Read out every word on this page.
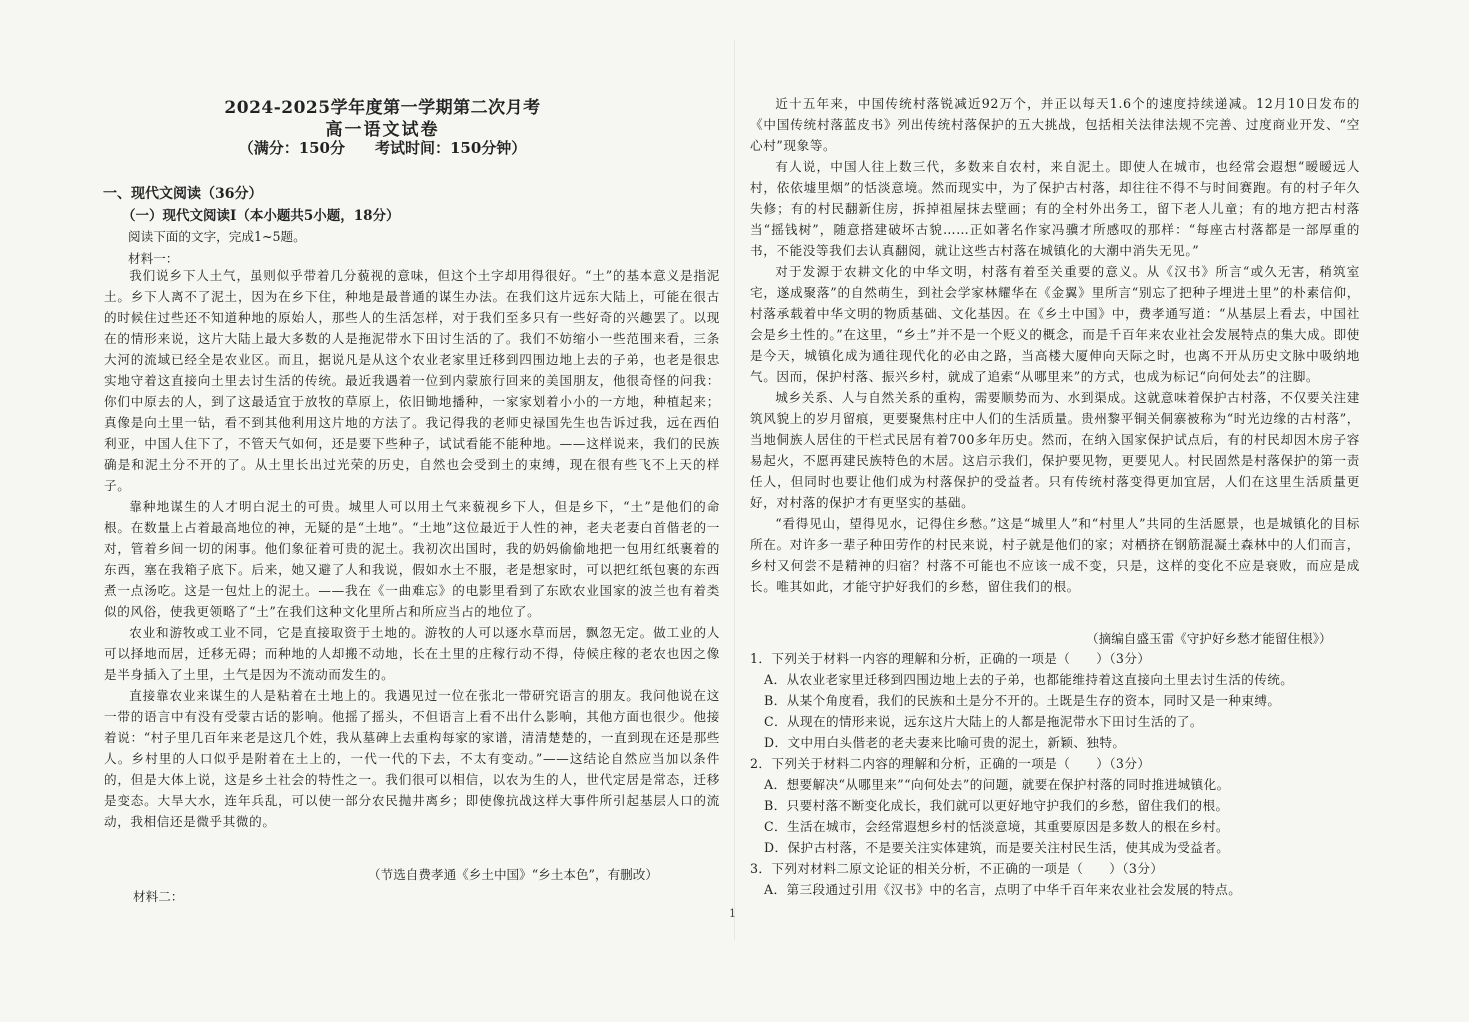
2024-2025学年度第一学期第二次月考
高一语文试卷
（满分：150分　　考试时间：150分钟）
一、现代文阅读（36分）
（一）现代文阅读Ⅰ（本小题共5小题，18分）
阅读下面的文字，完成1~5题。
材料一：

我们说乡下人土气，虽则似乎带着几分藐视的意味，但这个土字却用得很好。“土”的基本意义是指泥土。乡下人离不了泥土，因为在乡下住，种地是最普通的谋生办法。在我们这片远东大陆上，可能在很古的时候住过些还不知道种地的原始人，那些人的生活怎样，对于我们至多只有一些好奇的兴趣罢了。以现在的情形来说，这片大陆上最大多数的人是拖泥带水下田讨生活的了。我们不妨缩小一些范围来看，三条大河的流域已经全是农业区。而且，据说凡是从这个农业老家里迁移到四围边地上去的子弟，也老是很忠实地守着这直接向土里去讨生活的传统。最近我遇着一位到内蒙旅行回来的美国朋友，他很奇怪的问我：你们中原去的人，到了这最适宜于放牧的草原上，依旧锄地播种，一家家划着小小的一方地，种植起来；真像是向土里一钻，看不到其他利用这片地的方法了。我记得我的老师史禄国先生也告诉过我，远在西伯利亚，中国人住下了，不管天气如何，还是要下些种子，试试看能不能种地。——这样说来，我们的民族确是和泥土分不开的了。从土里长出过光荣的历史，自然也会受到土的束缚，现在很有些飞不上天的样子。

靠种地谋生的人才明白泥土的可贵。城里人可以用土气来藐视乡下人，但是乡下，“土”是他们的命根。在数量上占着最高地位的神，无疑的是“土地”。“土地”这位最近于人性的神，老夫老妻白首偕老的一对，管着乡间一切的闲事。他们象征着可贵的泥土。我初次出国时，我的奶妈偷偷地把一包用红纸裹着的东西，塞在我箱子底下。后来，她又避了人和我说，假如水土不服，老是想家时，可以把红纸包裹的东西煮一点汤吃。这是一包灶上的泥土。——我在《一曲难忘》的电影里看到了东欧农业国家的波兰也有着类似的风俗，使我更领略了“土”在我们这种文化里所占和所应当占的地位了。

农业和游牧或工业不同，它是直接取资于土地的。游牧的人可以逐水草而居，飘忽无定。做工业的人可以择地而居，迁移无碍；而种地的人却搬不动地，长在土里的庄稼行动不得，侍候庄稼的老农也因之像是半身插入了土里，土气是因为不流动而发生的。

直接靠农业来谋生的人是粘着在土地上的。我遇见过一位在张北一带研究语言的朋友。我问他说在这一带的语言中有没有受蒙古话的影响。他摇了摇头，不但语言上看不出什么影响，其他方面也很少。他接着说：“村子里几百年来老是这几个姓，我从墓碑上去重构每家的家谱，清清楚楚的，一直到现在还是那些人。乡村里的人口似乎是附着在土上的，一代一代的下去，不太有变动。”——这结论自然应当加以条件的，但是大体上说，这是乡土社会的特性之一。我们很可以相信，以农为生的人，世代定居是常态，迁移是变态。大旱大水，连年兵乱，可以使一部分农民抛井离乡；即使像抗战这样大事件所引起基层人口的流动，我相信还是微乎其微的。

（节选自费孝通《乡土中国》“乡土本色”，有删改）
材料二：

近十五年来，中国传统村落锐减近92万个，并正以每天1.6个的速度持续递减。12月10日发布的《中国传统村落蓝皮书》列出传统村落保护的五大挑战，包括相关法律法规不完善、过度商业开发、“空心村”现象等。

有人说，中国人往上数三代，多数来自农村，来自泥土。即使人在城市，也经常会遐想“暧暧远人村，依依墟里烟”的恬淡意境。然而现实中，为了保护古村落，却往往不得不与时间赛跑。有的村子年久失修；有的村民翻新住房，拆掉祖屋抹去壁画；有的全村外出务工，留下老人儿童；有的地方把古村落当“摇钱树”，随意搭建破坏古貌……正如著名作家冯骥才所感叹的那样：“每座古村落都是一部厚重的书，不能没等我们去认真翻阅，就让这些古村落在城镇化的大潮中消失无见。”

对于发源于农耕文化的中华文明，村落有着至关重要的意义。从《汉书》所言“或久无害，稍筑室宅，遂成聚落”的自然萌生，到社会学家林耀华在《金翼》里所言“别忘了把种子埋进土里”的朴素信仰，村落承载着中华文明的物质基础、文化基因。在《乡土中国》中，费孝通写道：“从基层上看去，中国社会是乡土性的。”在这里，“乡土”并不是一个贬义的概念，而是千百年来农业社会发展特点的集大成。即使是今天，城镇化成为通往现代化的必由之路，当高楼大厦伸向天际之时，也离不开从历史文脉中吸纳地气。因而，保护村落、振兴乡村，就成了追索“从哪里来”的方式，也成为标记“向何处去”的注脚。

城乡关系、人与自然关系的重构，需要顺势而为、水到渠成。这就意味着保护古村落，不仅要关注建筑风貌上的岁月留痕，更要聚焦村庄中人们的生活质量。贵州黎平铜关侗寨被称为“时光边缘的古村落”，当地侗族人居住的干栏式民居有着700多年历史。然而，在纳入国家保护试点后，有的村民却因木房子容易起火，不愿再建民族特色的木居。这启示我们，保护要见物，更要见人。村民固然是村落保护的第一责任人，但同时也要让他们成为村落保护的受益者。只有传统村落变得更加宜居，人们在这里生活质量更好，对村落的保护才有更坚实的基础。

“看得见山，望得见水，记得住乡愁。”这是“城里人”和“村里人”共同的生活愿景，也是城镇化的目标所在。对许多一辈子种田劳作的村民来说，村子就是他们的家；对栖挤在钢筋混凝土森林中的人们而言，乡村又何尝不是精神的归宿？村落不可能也不应该一成不变，只是，这样的变化不应是衰败，而应是成长。唯其如此，才能守护好我们的乡愁，留住我们的根。

（摘编自盛玉雷《守护好乡愁才能留住根》）
1．下列关于材料一内容的理解和分析，正确的一项是（　　）（3分）
A．从农业老家里迁移到四围边地上去的子弟，也都能维持着这直接向土里去讨生活的传统。
B．从某个角度看，我们的民族和土是分不开的。土既是生存的资本，同时又是一种束缚。
C．从现在的情形来说，远东这片大陆上的人都是拖泥带水下田讨生活的了。
D．文中用白头偕老的老夫妻来比喻可贵的泥土，新颖、独特。
2．下列关于材料二内容的理解和分析，正确的一项是（　　）（3分）
A．想要解决“从哪里来”“向何处去”的问题，就要在保护村落的同时推进城镇化。
B．只要村落不断变化成长，我们就可以更好地守护我们的乡愁，留住我们的根。
C．生活在城市，会经常遐想乡村的恬淡意境，其重要原因是多数人的根在乡村。
D．保护古村落，不是要关注实体建筑，而是要关注村民生活，使其成为受益者。
3．下列对材料二原文论证的相关分析，不正确的一项是（　　）（3分）
A．第三段通过引用《汉书》中的名言，点明了中华千百年来农业社会发展的特点。
1
